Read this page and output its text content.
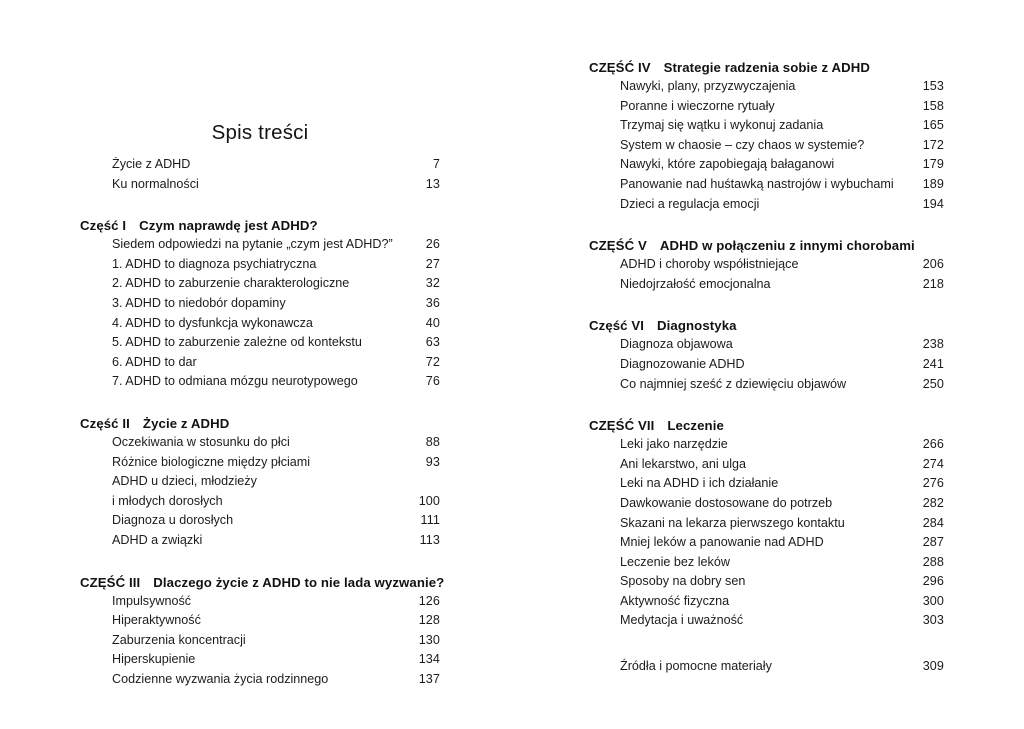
Spis treści
Życie z ADHD	7
Ku normalności	13
Część I Czym naprawdę jest ADHD?
Siedem odpowiedzi na pytanie „czym jest ADHD?”	26
1. ADHD to diagnoza psychiatryczna	27
2. ADHD to zaburzenie charakterologiczne	32
3. ADHD to niedobór dopaminy	36
4. ADHD to dysfunkcja wykonawcza	40
5. ADHD to zaburzenie zależne od kontekstu	63
6. ADHD to dar	72
7. ADHD to odmiana mózgu neurotypowego	76
Część II Życie z ADHD
Oczekiwania w stosunku do płci	88
Różnice biologiczne między płciami	93
ADHD u dzieci, młodzieży
i młodych dorosłych	100
Diagnoza u dorosłych	111
ADHD a związki	113
CZĘŚĆ III Dlaczego życie z ADHD to nie lada wyzwanie?
Impulsywność	126
Hiperaktywność	128
Zaburzenia koncentracji	130
Hiperskupienie	134
Codzienne wyzwania życia rodzinnego	137
CZĘŚĆ IV Strategie radzenia sobie z ADHD
Nawyki, plany, przyzwyczajenia	153
Poranne i wieczorne rytuały	158
Trzymaj się wątku i wykonuj zadania	165
System w chaosie – czy chaos w systemie?	172
Nawyki, które zapobiegają bałaganowi	179
Panowanie nad huśtawką nastrojów i wybuchami 189
Dzieci a regulacja emocji	194
CZĘŚĆ V ADHD w połączeniu z innymi chorobami
ADHD i choroby współistniejące	206
Niedojrzałość emocjonalna	218
Część VI Diagnostyka
Diagnoza objawowa	238
Diagnozowanie ADHD	241
Co najmniej sześć z dziewięciu objawów	250
CZĘŚĆ VII Leczenie
Leki jako narzędzie	266
Ani lekarstwo, ani ulga	274
Leki na ADHD i ich działanie	276
Dawkowanie dostosowane do potrzeb	282
Skazani na lekarza pierwszego kontaktu	284
Mniej leków a panowanie nad ADHD	287
Leczenie bez leków	288
Sposoby na dobry sen	296
Aktywność fizyczna	300
Medytacja i uważność	303
Źródła i pomocne materiały	309
